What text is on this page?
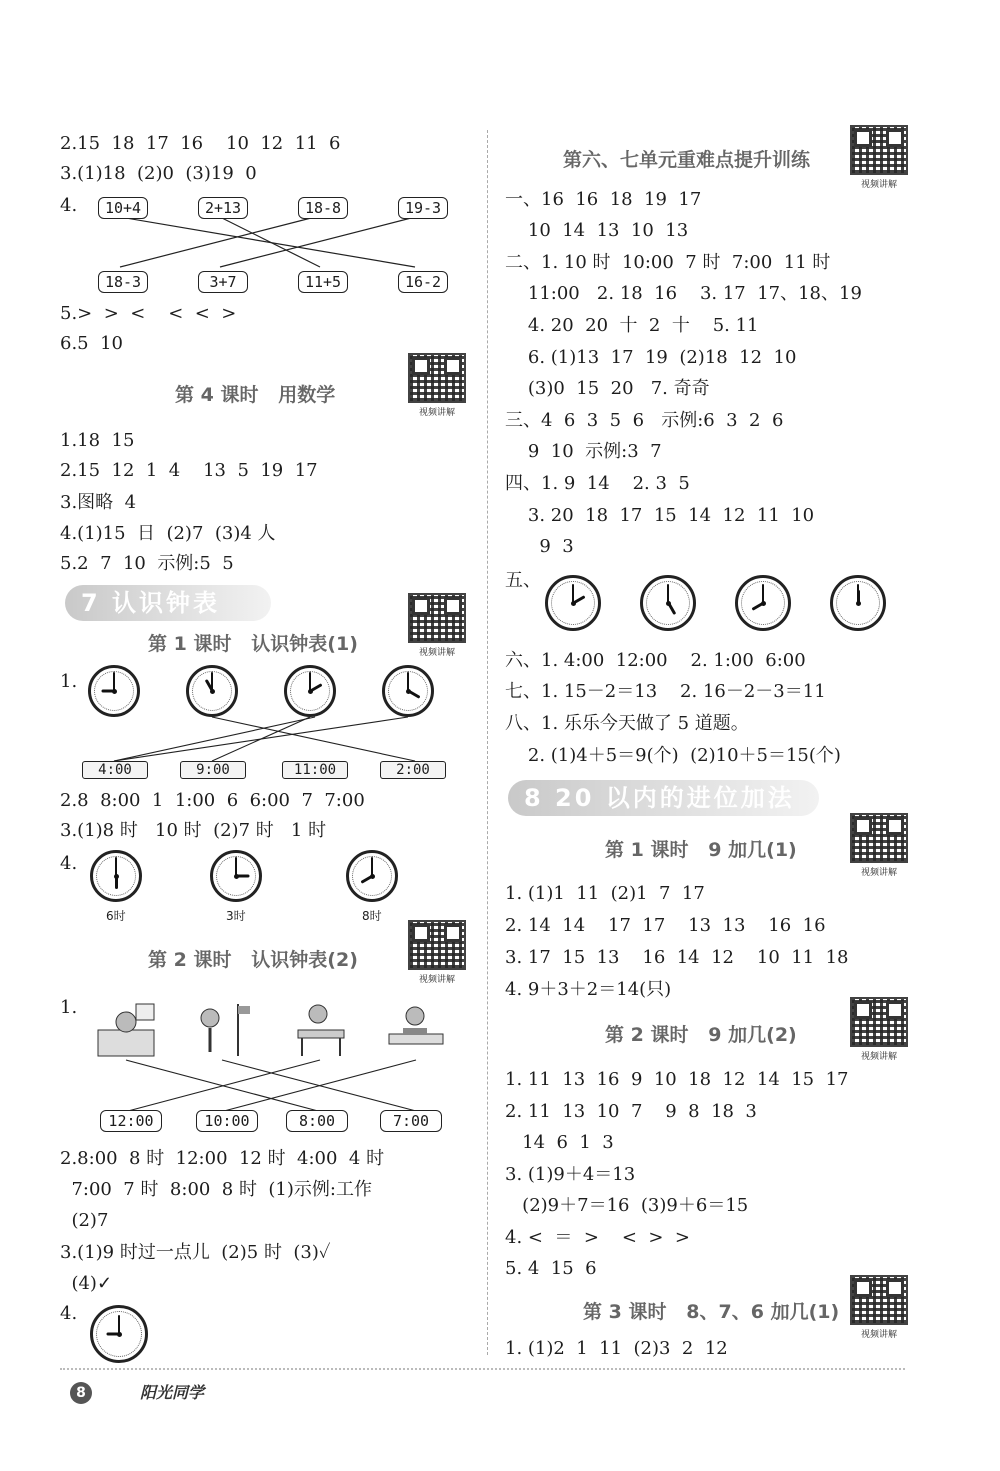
2.15  18  17  16    10  12  11  6
3.(1)18  (2)0  (3)19  0
4.	10+4	2+13	18-8	19-3
18-3	3+7	11+5	16-2
5.>  >  <    <  <  >
6.5  10
第 4 课时   用数学
视频讲解
1.18  15
2.15  12  1  4    13  5  19  17
3.图略  4
4.(1)15  日  (2)7  (3)4 人
5.2  7  10  示例:5  5
7 认识钟表
视频讲解
第 1 课时   认识钟表(1)
1.
4:00	9:00	11:00	2:00
2.8  8:00  1  1:00  6  6:00  7  7:00
3.(1)8 时   10 时  (2)7 时   1 时
4.
6时	3时	8时
第 2 课时   认识钟表(2)
视频讲解
1.
12:00	10:00	8:00	7:00
2.8:00  8 时  12:00  12 时  4:00  4 时
7:00  7 时  8:00  8 时  (1)示例:工作
(2)7
3.(1)9 时过一点儿  (2)5 时  (3)✓
(4)✓
4.
第六、七单元重难点提升训练
视频讲解
一、16  16  18  19  17
10  14  13  10  13
二、1. 10 时  10:00  7 时  7:00  11 时
11:00   2. 18  16    3. 17  17、18、19
4. 20  20  十  2  十    5. 11
6. (1)13  17  19  (2)18  12  10
(3)0  15  20   7. 奇奇
三、4  6  3  5  6   示例:6  3  2  6
9  10  示例:3  7
四、1. 9  14    2. 3  5
3. 20  18  17  15  14  12  11  10
9  3
五、
六、1. 4:00  12:00    2. 1:00  6:00
七、1. 15－2＝13    2. 16－2－3＝11
八、1. 乐乐今天做了 5 道题。
2. (1)4＋5＝9(个)  (2)10＋5＝15(个)
8 20 以内的进位加法
视频讲解
第 1 课时   9 加几(1)
1. (1)1  11  (2)1  7  17
2. 14  14    17  17    13  13    16  16
3. 17  15  13    16  14  12    10  11  18
4. 9＋3＋2＝14(只)
视频讲解
第 2 课时   9 加几(2)
1. 11  13  16  9  10  18  12  14  15  17
2. 11  13  10  7    9  8  18  3
14  6  1  3
3. (1)9＋4＝13
(2)9＋7＝16  (3)9＋6＝15
4. <  ＝  >    <  >  >
5. 4  15  6
视频讲解
第 3 课时   8、7、6 加几(1)
1. (1)2  1  11  (2)3  2  12
8	阳光同学
